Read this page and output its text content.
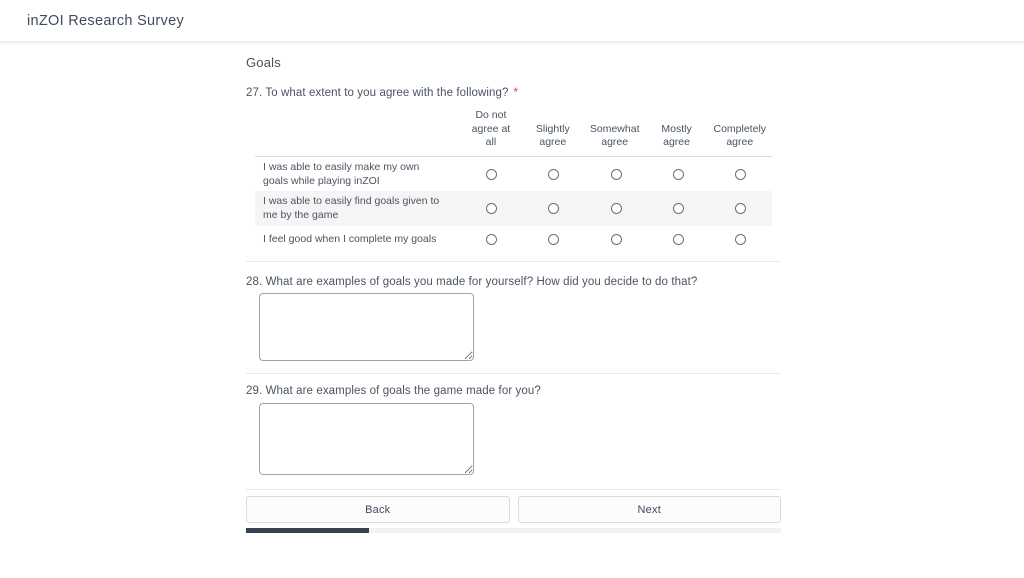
inZOI Research Survey
Goals
27. To what extent to you agree with the following? *
Do not agree at all
Slightly agree
Somewhat agree
Mostly agree
Completely agree
I was able to easily make my own goals while playing inZOI
I was able to easily find goals given to me by the game
I feel good when I complete my goals
28. What are examples of goals you made for yourself? How did you decide to do that?
29. What are examples of goals the game made for you?
Back	Next
